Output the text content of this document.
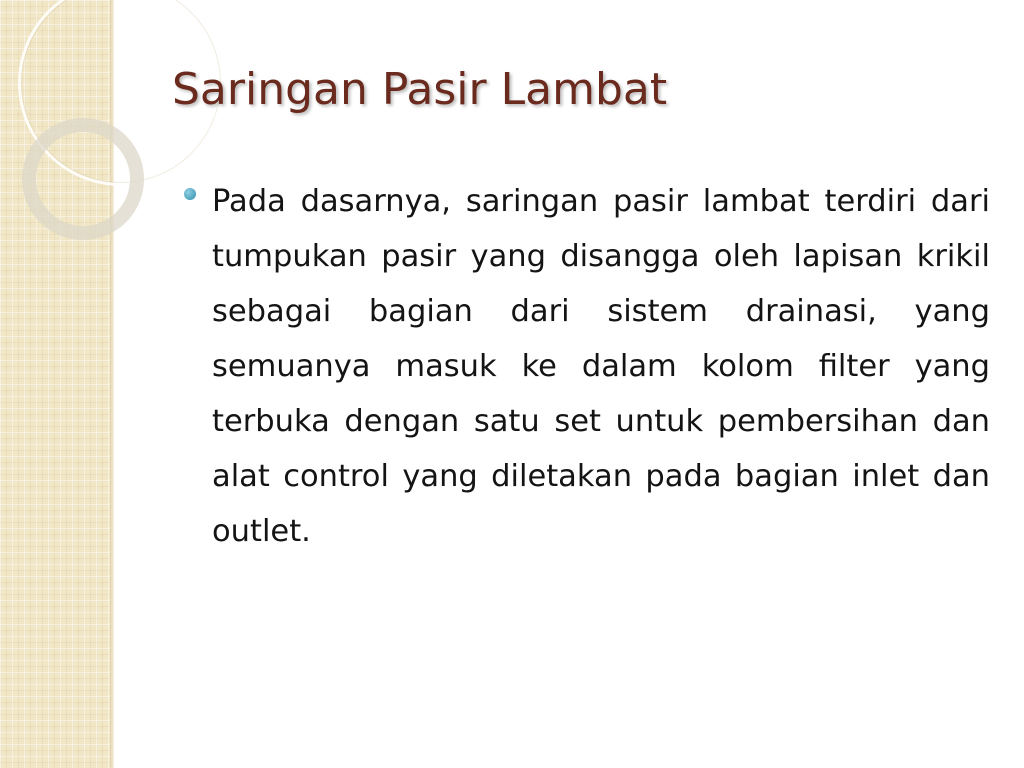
Saringan Pasir Lambat

Pada dasarnya, saringan pasir lambat terdiri dari tumpukan pasir yang disangga oleh lapisan krikil sebagai bagian dari sistem drainasi, yang semuanya masuk ke dalam kolom filter yang terbuka dengan satu set untuk pembersihan dan alat control yang diletakan pada bagian inlet dan outlet.
